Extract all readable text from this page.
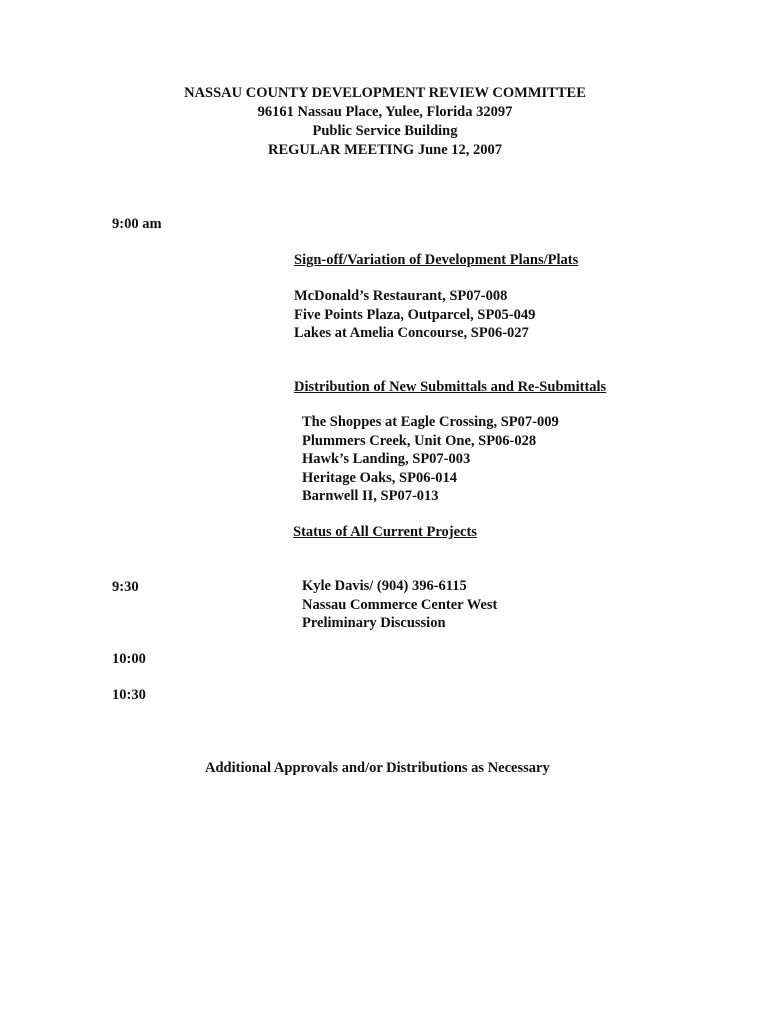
NASSAU COUNTY DEVELOPMENT REVIEW COMMITTEE
96161 Nassau Place, Yulee, Florida 32097
Public Service Building
REGULAR MEETING June 12, 2007
9:00 am
Sign-off/Variation of Development Plans/Plats
McDonald’s Restaurant, SP07-008
Five Points Plaza, Outparcel, SP05-049
Lakes at Amelia Concourse, SP06-027
Distribution of New Submittals and Re-Submittals
The Shoppes at Eagle Crossing, SP07-009
Plummers Creek, Unit One, SP06-028
Hawk’s Landing, SP07-003
Heritage Oaks, SP06-014
Barnwell II, SP07-013
Status of All Current Projects
9:30	Kyle Davis/ (904) 396-6115
Nassau Commerce Center West
Preliminary Discussion
10:00
10:30
Additional Approvals and/or Distributions as Necessary
